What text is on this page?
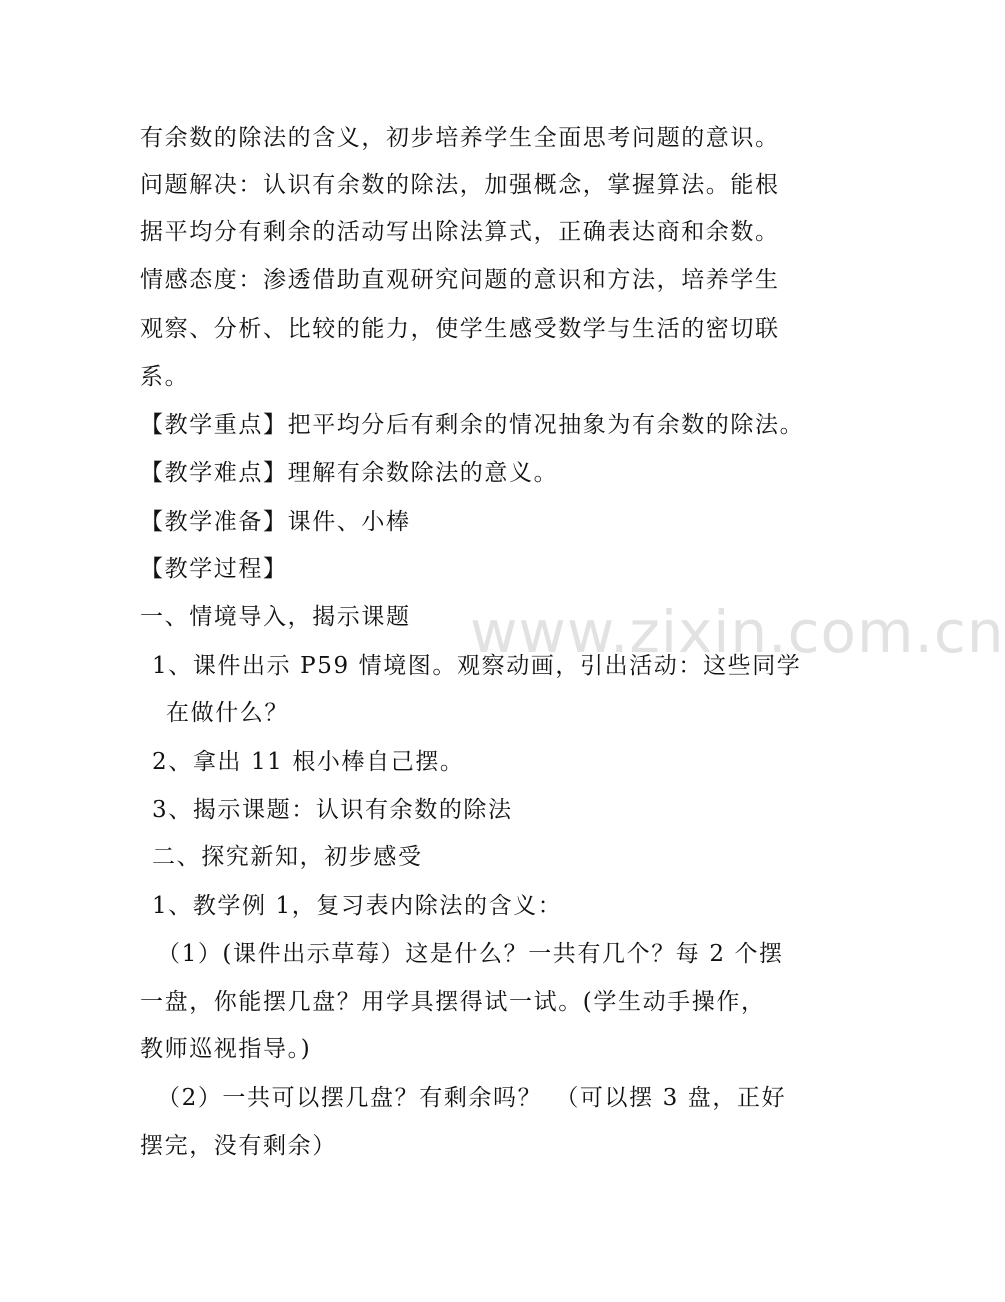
有余数的除法的含义，初步培养学生全面思考问题的意识。
问题解决：认识有余数的除法，加强概念，掌握算法。能根
据平均分有剩余的活动写出除法算式，正确表达商和余数。
情感态度：渗透借助直观研究问题的意识和方法，培养学生
观察、分析、比较的能力，使学生感受数学与生活的密切联
系。
【教学重点】把平均分后有剩余的情况抽象为有余数的除法。
【教学难点】理解有余数除法的意义。
【教学准备】课件、小棒
【教学过程】
一、情境导入，揭示课题
1、课件出示 P59 情境图。观察动画，引出活动：这些同学
在做什么？
2、拿出 11 根小棒自己摆。
3、揭示课题：认识有余数的除法
二、探究新知，初步感受
1、教学例 1，复习表内除法的含义：
（1）(课件出示草莓）这是什么？一共有几个？每 2 个摆
一盘，你能摆几盘？用学具摆得试一试。(学生动手操作，
教师巡视指导。)
（2）一共可以摆几盘？有剩余吗？　（可以摆 3 盘，正好
摆完，没有剩余）
www.zixin.com.cn
